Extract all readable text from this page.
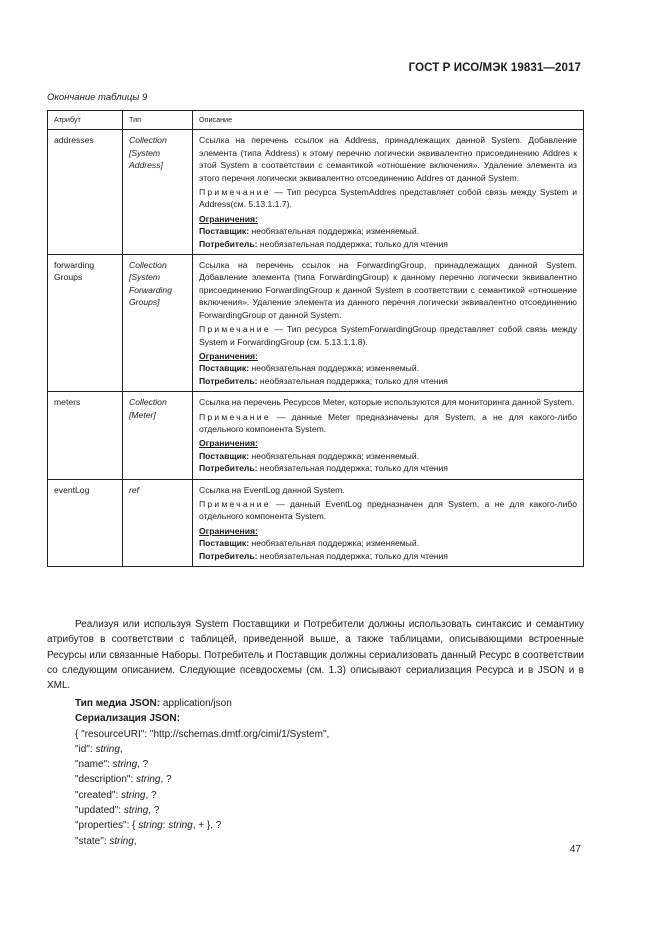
ГОСТ Р ИСО/МЭК 19831—2017
Окончание таблицы 9
Атрибут	Тип	Описание
addresses	Collection [System Address]	Ссылка на перечень ссылок на Address, принадлежащих данной System. Добавление элемента (типа Address) к этому перечню логически эквивалентно присоединению Addres к этой System в соответствии с семантикой «отношение включения». Удаление элемента из этого перечня логически эквивалентно отсоединению Addres от данной System.
Примечание — Тип ресурса SystemAddres представляет собой связь между System и Address(см. 5.13.1.1.7).
Ограничения:
Поставщик: необязательная поддержка; изменяемый.
Потребитель: необязательная поддержка; только для чтения

forwarding Groups	Collection [System Forwarding Groups]	Ссылка на перечень ссылок на ForwardingGroup, принадлежащих данной System. Добавление элемента (типа ForwardingGroup) к данному перечню логически эквивалентно присоединению ForwardingGroup к данной System в соответствии с семантикой «отношение включения». Удаление элемента из данного перечня логически эквивалентно отсоединению ForwardingGroup от данной System.
Примечание — Тип ресурса SystemForwardingGroup представляет собой связь между System и ForwardingGroup (см. 5.13.1.1.8).
Ограничения:
Поставщик: необязательная поддержка; изменяемый.
Потребитель: необязательная поддержка; только для чтения

meters	Collection [Meter]	Ссылка на перечень Ресурсов Meter, которые используются для мониторинга данной System.
Примечание — данные Meter предназначены для System, а не для какого-либо отдельного компонента System.
Ограничения:
Поставщик: необязательная поддержка; изменяемый.
Потребитель: необязательная поддержка; только для чтения

eventLog	ref	Ссылка на EventLog данной System.
Примечание — данный EventLog предназначен для System, а не для какого-либо отдельного компонента System.
Ограничения:
Поставщик: необязательная поддержка; изменяемый.
Потребитель: необязательная поддержка; только для чтения

Реализуя или используя System Поставщики и Потребители должны использовать синтаксис и семантику атрибутов в соответствии с таблицей, приведенной выше, а также таблицами, описывающими встроенные Ресурсы или связанные Наборы. Потребитель и Поставщик должны сериализовать данный Ресурс в соответствии со следующим описанием. Следующие псевдосхемы (см. 1.3) описывают сериализация Ресурса и в JSON и в XML.

Тип медиа JSON: application/json
Сериализация JSON:
{ "resourceURI": "http://schemas.dmtf.org/cimi/1/System",
"id": string,
"name": string, ?
"description": string, ?
"created": string, ?
"updated": string, ?
"properties": { string: string, + }, ?
"state": string,
47
